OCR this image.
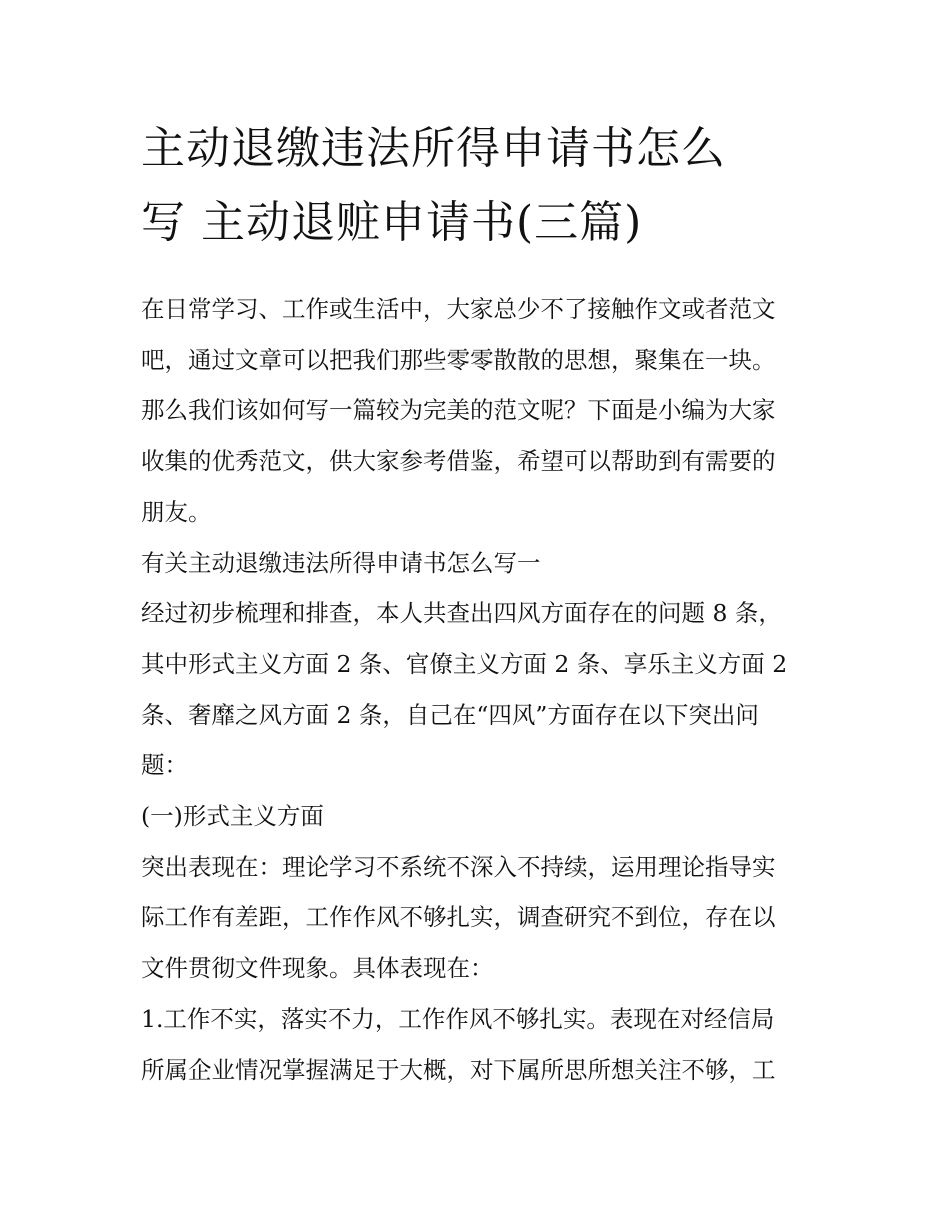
主动退缴违法所得申请书怎么
写 主动退赃申请书(三篇)

在日常学习、工作或生活中，大家总少不了接触作文或者范文

吧，通过文章可以把我们那些零零散散的思想，聚集在一块。

那么我们该如何写一篇较为完美的范文呢？下面是小编为大家

收集的优秀范文，供大家参考借鉴，希望可以帮助到有需要的

朋友。

有关主动退缴违法所得申请书怎么写一

经过初步梳理和排查，本人共查出四风方面存在的问题 8 条，

其中形式主义方面 2 条、官僚主义方面 2 条、享乐主义方面 2

条、奢靡之风方面 2 条，自己在“四风”方面存在以下突出问

题：

(一)形式主义方面

突出表现在：理论学习不系统不深入不持续，运用理论指导实

际工作有差距，工作作风不够扎实，调查研究不到位，存在以

文件贯彻文件现象。具体表现在：

1.工作不实，落实不力，工作作风不够扎实。表现在对经信局

所属企业情况掌握满足于大概，对下属所思所想关注不够，工
